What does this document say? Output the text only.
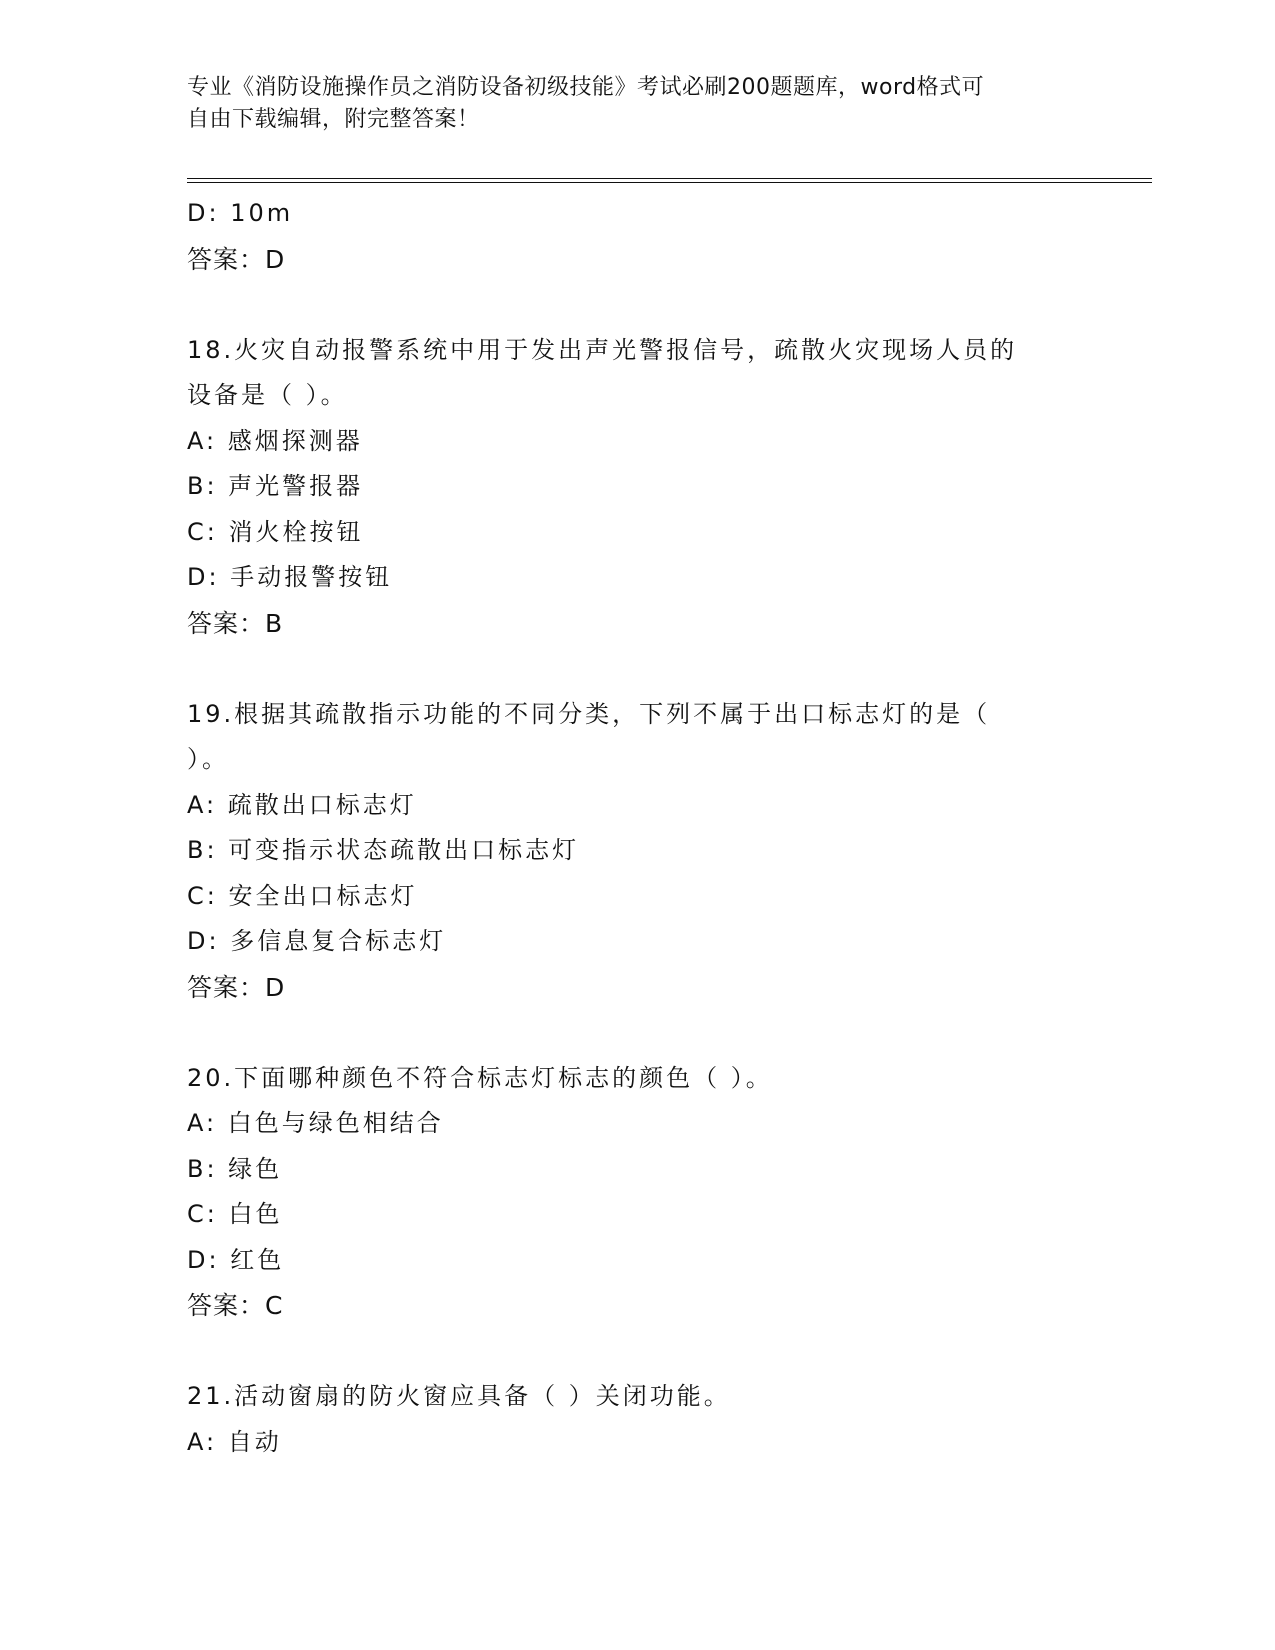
专业《消防设施操作员之消防设备初级技能》考试必刷200题题库，word格式可
自由下载编辑，附完整答案！
D: 10m
答案：D
18.火灾自动报警系统中用于发出声光警报信号，疏散火灾现场人员的
设备是（ ）。
A: 感烟探测器
B: 声光警报器
C: 消火栓按钮
D: 手动报警按钮
答案：B
19.根据其疏散指示功能的不同分类，下列不属于出口标志灯的是（
）。
A: 疏散出口标志灯
B: 可变指示状态疏散出口标志灯
C: 安全出口标志灯
D: 多信息复合标志灯
答案：D
20.下面哪种颜色不符合标志灯标志的颜色（ ）。
A: 白色与绿色相结合
B: 绿色
C: 白色
D: 红色
答案：C
21.活动窗扇的防火窗应具备（ ）关闭功能。
A: 自动
